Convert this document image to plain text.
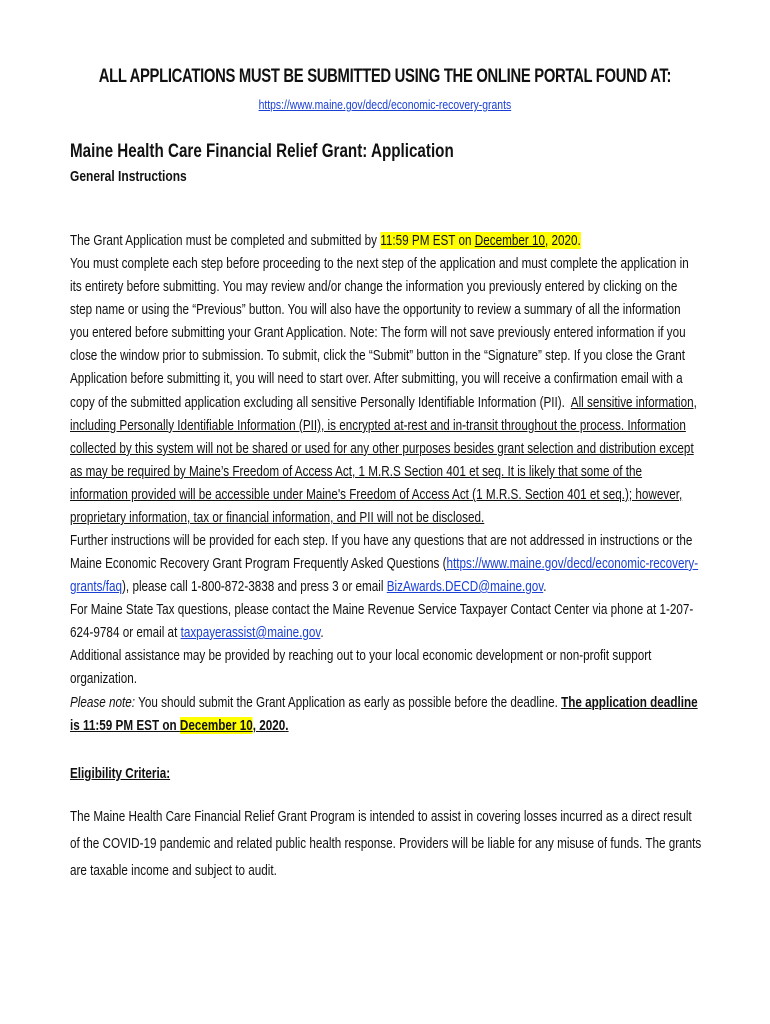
ALL APPLICATIONS MUST BE SUBMITTED USING THE ONLINE PORTAL FOUND AT:
https://www.maine.gov/decd/economic-recovery-grants
Maine Health Care Financial Relief Grant: Application
General Instructions
The Grant Application must be completed and submitted by 11:59 PM EST on December 10, 2020.
You must complete each step before proceeding to the next step of the application and must complete the application in
its entirety before submitting. You may review and/or change the information you previously entered by clicking on the
step name or using the “Previous” button. You will also have the opportunity to review a summary of all the information
you entered before submitting your Grant Application. Note: The form will not save previously entered information if you
close the window prior to submission. To submit, click the “Submit” button in the “Signature” step. If you close the Grant
Application before submitting it, you will need to start over. After submitting, you will receive a confirmation email with a
copy of the submitted application excluding all sensitive Personally Identifiable Information (PII).  All sensitive information,
including Personally Identifiable Information (PII), is encrypted at-rest and in-transit throughout the process. Information
collected by this system will not be shared or used for any other purposes besides grant selection and distribution except
as may be required by Maine’s Freedom of Access Act, 1 M.R.S Section 401 et seq. It is likely that some of the
information provided will be accessible under Maine's Freedom of Access Act (1 M.R.S. Section 401 et seq.); however,
proprietary information, tax or financial information, and PII will not be disclosed.
Further instructions will be provided for each step. If you have any questions that are not addressed in instructions or the
Maine Economic Recovery Grant Program Frequently Asked Questions (https://www.maine.gov/decd/economic-recovery-
grants/faq), please call 1-800-872-3838 and press 3 or email BizAwards.DECD@maine.gov.
For Maine State Tax questions, please contact the Maine Revenue Service Taxpayer Contact Center via phone at 1-207-
624-9784 or email at taxpayerassist@maine.gov.
Additional assistance may be provided by reaching out to your local economic development or non-profit support
organization.
Please note: You should submit the Grant Application as early as possible before the deadline. The application deadline
is 11:59 PM EST on December 10, 2020.
Eligibility Criteria:
The Maine Health Care Financial Relief Grant Program is intended to assist in covering losses incurred as a direct result
of the COVID-19 pandemic and related public health response. Providers will be liable for any misuse of funds. The grants
are taxable income and subject to audit.
